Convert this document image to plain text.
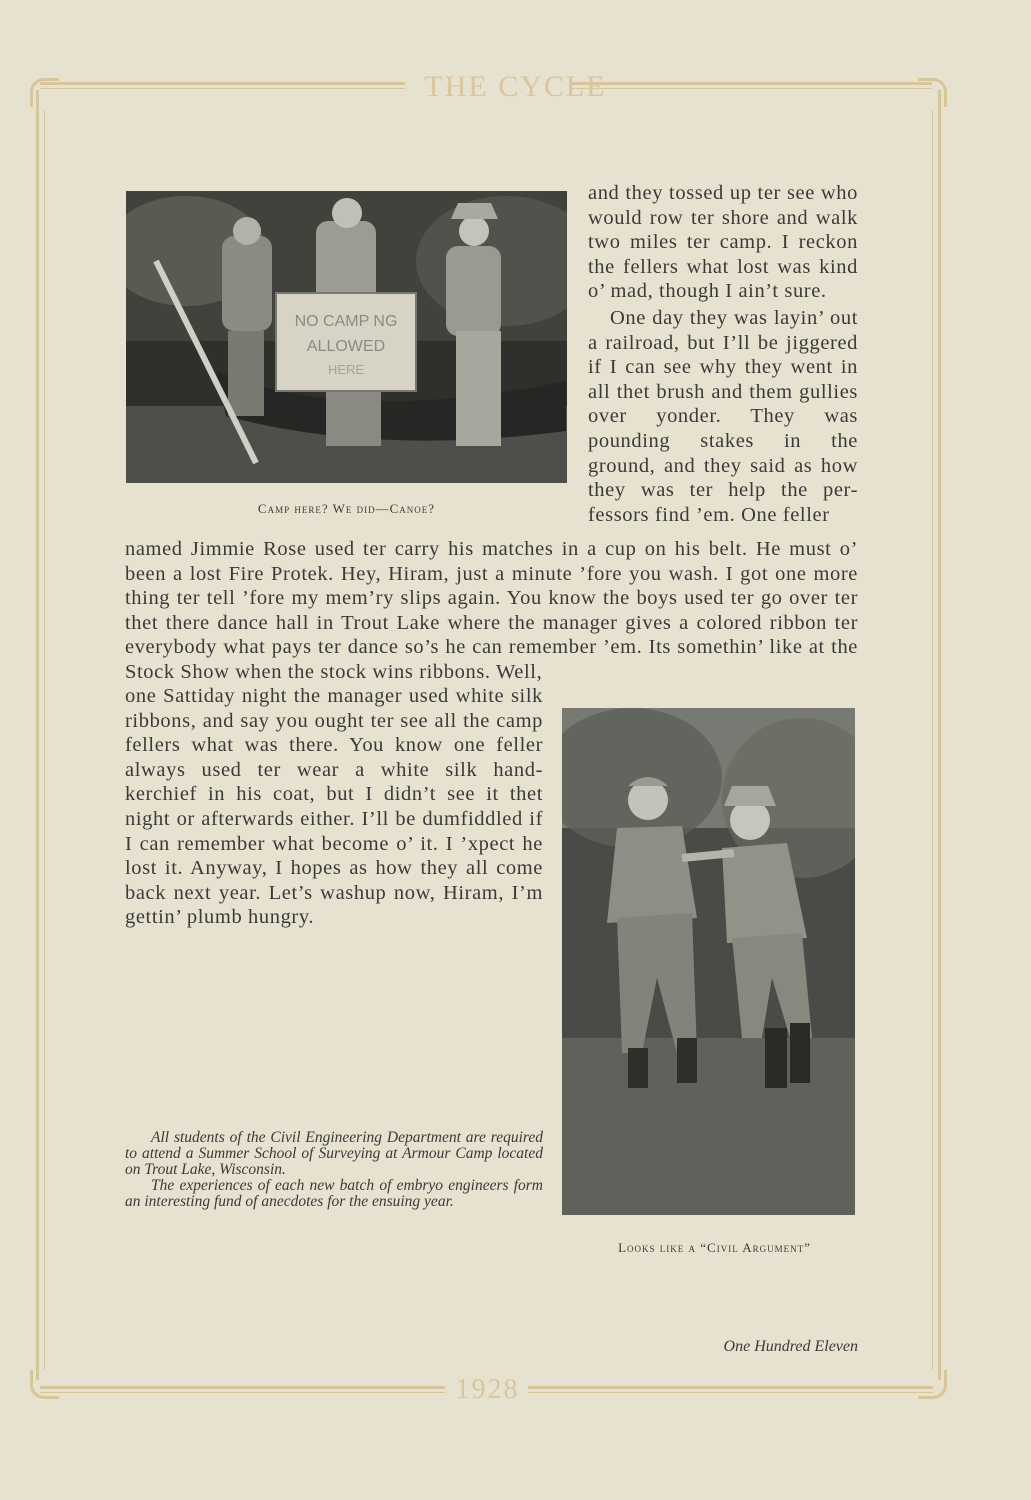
THE CYCLE
1928
NO CAMP NG
ALLOWED
HERE
Camp here? We did—Canoe?

and they tossed up ter see who would row ter shore and walk two miles ter camp. I reckon the fellers what lost was kind o’ mad, though I ain’t sure.

One day they was layin’ out a railroad, but I’ll be jiggered if I can see why they went in all thet brush and them gullies over yonder. They was pounding stakes in the ground, and they said as how they was ter help the per-fessors find ’em. One feller

named Jimmie Rose used ter carry his matches in a cup on his belt. He must o’ been a lost Fire Protek. Hey, Hiram, just a minute ’fore you wash. I got one more thing ter tell ’fore my mem’ry slips again. You know the boys used ter go over ter thet there dance hall in Trout Lake where the manager gives a colored ribbon ter everybody what pays ter dance so’s he can remember ’em. Its somethin’ like at the Stock Show when the stock wins ribbons. Well,

one Sattiday night the manager used white silk ribbons, and say you ought ter see all the camp fellers what was there. You know one feller always used ter wear a white silk hand-kerchief in his coat, but I didn’t see it thet night or afterwards either. I’ll be dumfiddled if I can remember what become o’ it. I ’xpect he lost it. Anyway, I hopes as how they all come back next year. Let’s washup now, Hiram, I’m gettin’ plumb hungry.

Looks like a “Civil Argument”

All students of the Civil Engineering Department are required to attend a Summer School of Surveying at Armour Camp located on Trout Lake, Wisconsin.

The experiences of each new batch of embryo engineers form an interesting fund of anecdotes for the ensuing year.

One Hundred Eleven
